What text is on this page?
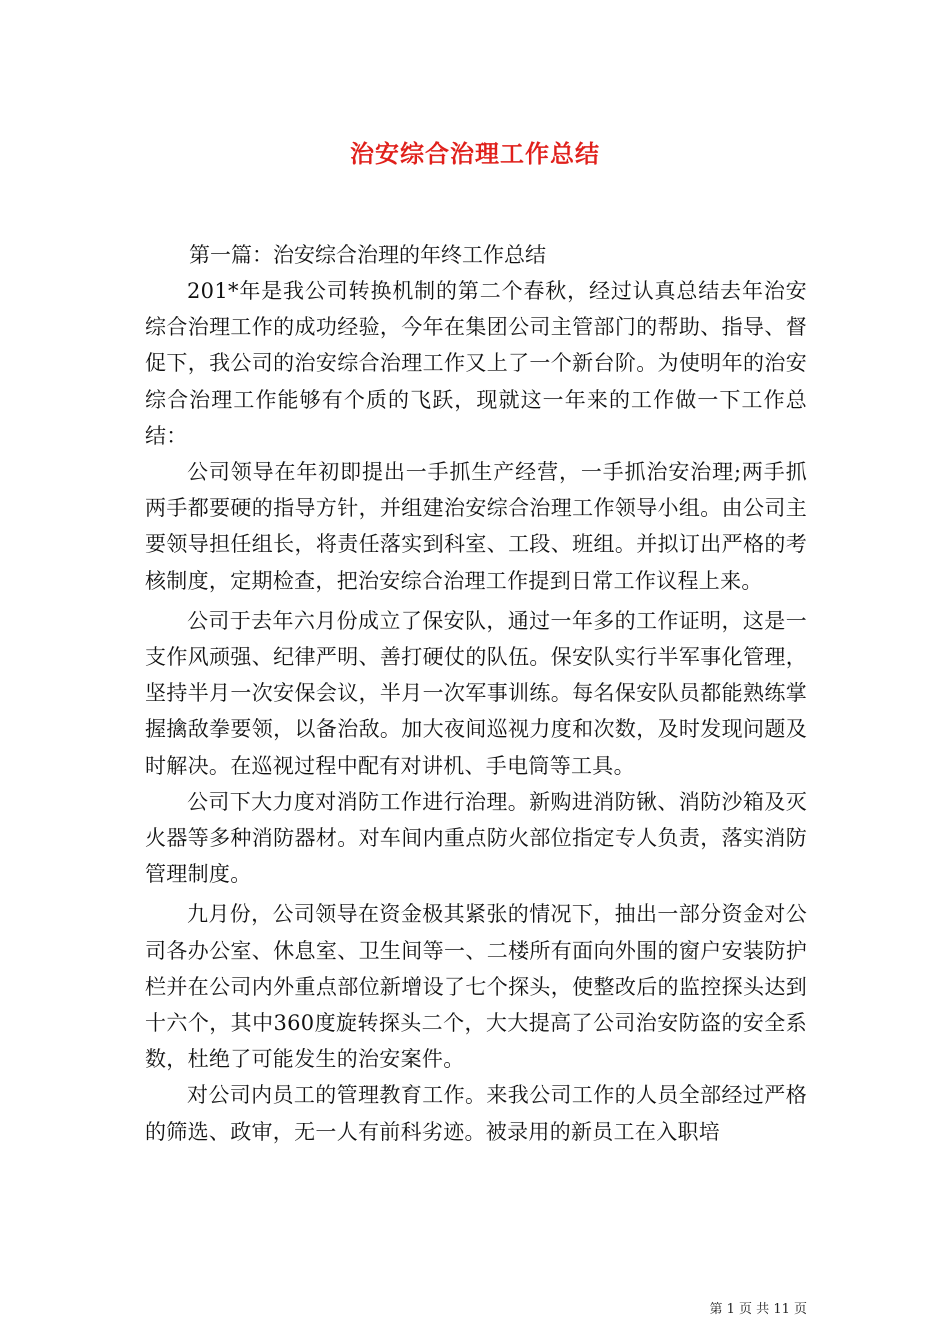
治安综合治理工作总结

第一篇：治安综合治理的年终工作总结

201*年是我公司转换机制的第二个春秋，经过认真总结去年治安综合治理工作的成功经验，今年在集团公司主管部门的帮助、指导、督促下，我公司的治安综合治理工作又上了一个新台阶。为使明年的治安综合治理工作能够有个质的飞跃，现就这一年来的工作做一下工作总结：

公司领导在年初即提出一手抓生产经营，一手抓治安治理;两手抓两手都要硬的指导方针，并组建治安综合治理工作领导小组。由公司主要领导担任组长，将责任落实到科室、工段、班组。并拟订出严格的考核制度，定期检查，把治安综合治理工作提到日常工作议程上来。

公司于去年六月份成立了保安队，通过一年多的工作证明，这是一支作风顽强、纪律严明、善打硬仗的队伍。保安队实行半军事化管理，坚持半月一次安保会议，半月一次军事训练。每名保安队员都能熟练掌握擒敌拳要领，以备治敌。加大夜间巡视力度和次数，及时发现问题及时解决。在巡视过程中配有对讲机、手电筒等工具。

公司下大力度对消防工作进行治理。新购进消防锹、消防沙箱及灭火器等多种消防器材。对车间内重点防火部位指定专人负责，落实消防管理制度。

九月份，公司领导在资金极其紧张的情况下，抽出一部分资金对公司各办公室、休息室、卫生间等一、二楼所有面向外围的窗户安装防护栏并在公司内外重点部位新增设了七个探头，使整改后的监控探头达到十六个，其中360度旋转探头二个，大大提高了公司治安防盗的安全系数，杜绝了可能发生的治安案件。

对公司内员工的管理教育工作。来我公司工作的人员全部经过严格的筛选、政审，无一人有前科劣迹。被录用的新员工在入职培

第 1 页 共 11 页
